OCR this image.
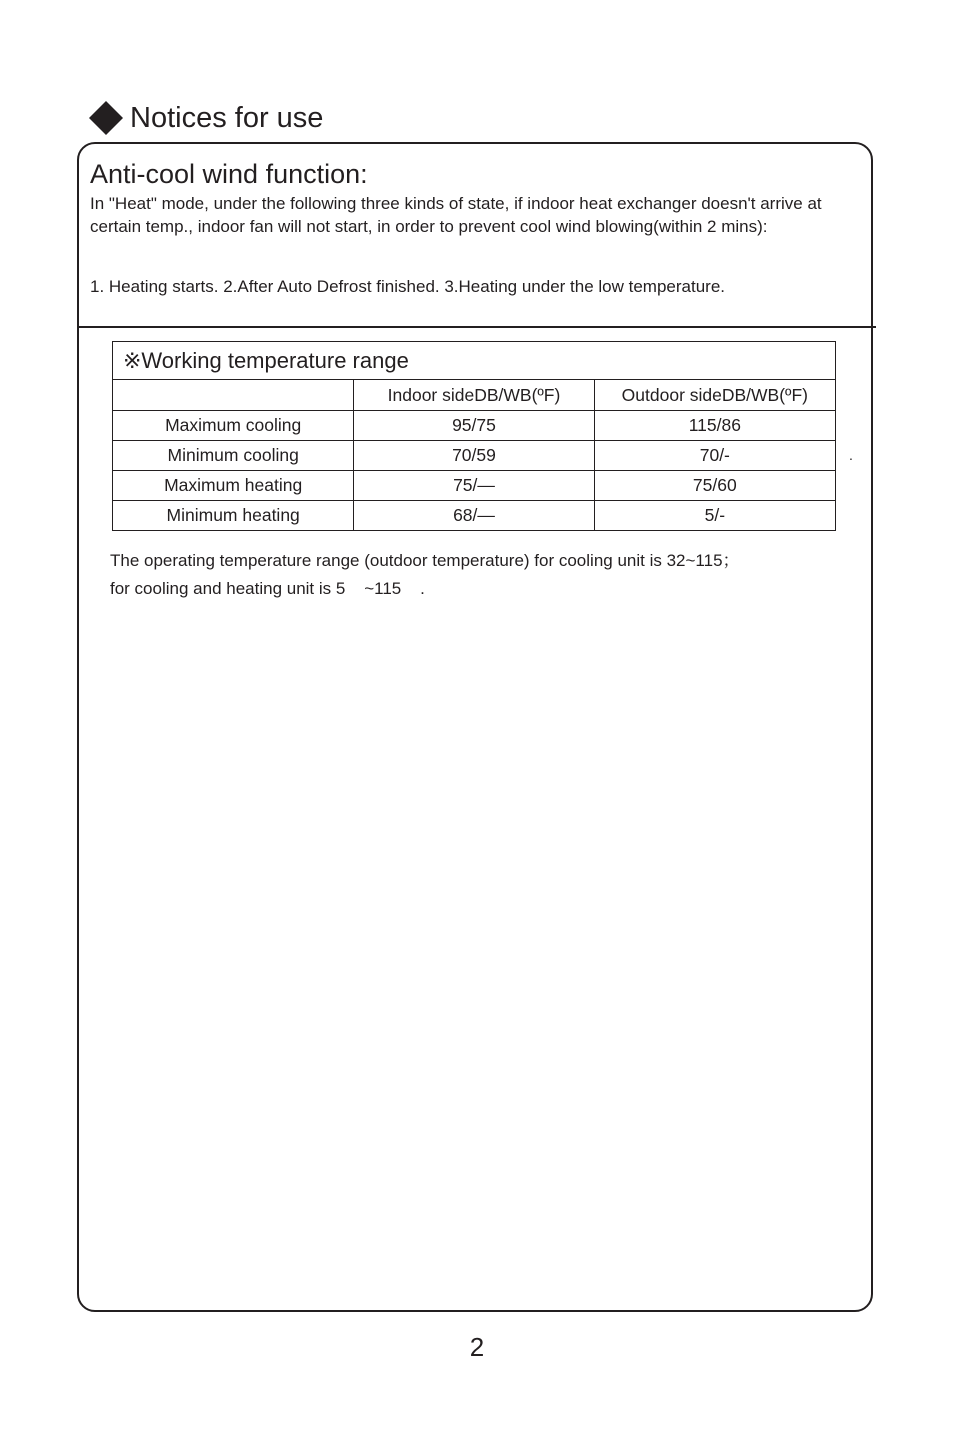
Notices for use
Anti-cool wind function:
In "Heat" mode, under the following three kinds of state, if indoor heat exchanger doesn't arrive at certain temp., indoor fan will not start, in order to prevent cool wind blowing(within 2 mins):
1. Heating starts. 2.After Auto Defrost finished. 3.Heating under the low temperature.
※Working temperature range		
	Indoor sideDB/WB(ºF)	Outdoor sideDB/WB(ºF)
Maximum cooling	95/75	115/86
Minimum cooling	70/59	70/-
Maximum heating	75/—	75/60
Minimum heating	68/—	5/-
.
The operating temperature range (outdoor temperature) for cooling unit is 32~115；
for cooling and heating unit is 5    ~115    .
2
